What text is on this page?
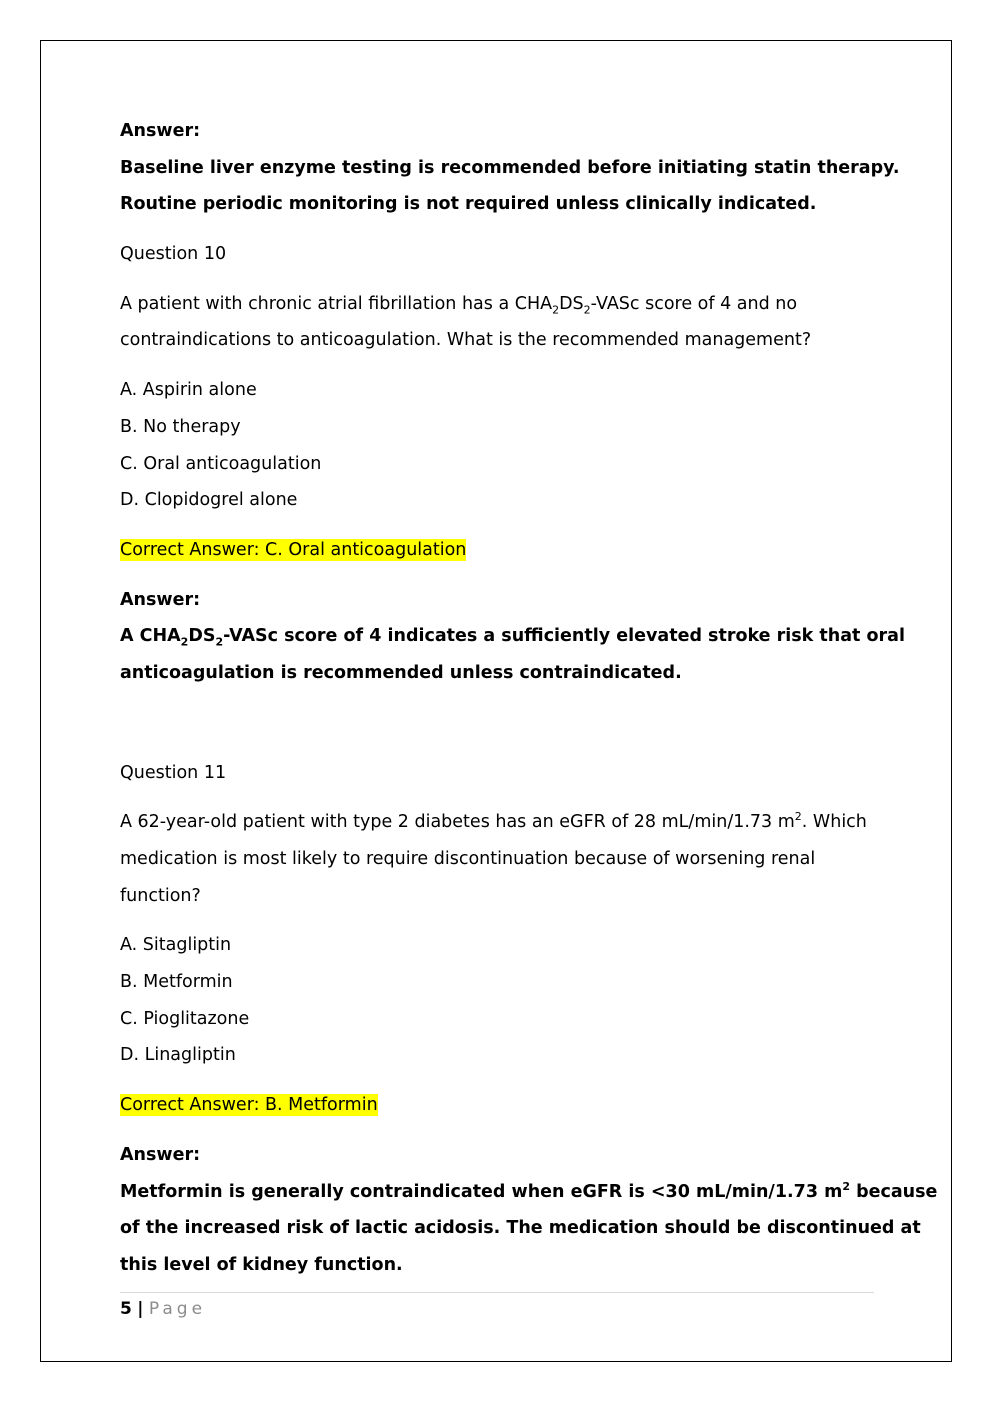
Answer:
Baseline liver enzyme testing is recommended before initiating statin therapy.
Routine periodic monitoring is not required unless clinically indicated.
Question 10
A patient with chronic atrial fibrillation has a $CHA_2DS_2$-VASc score of 4 and no
contraindications to anticoagulation. What is the recommended management?
A. Aspirin alone
B. No therapy
C. Oral anticoagulation
D. Clopidogrel alone
Correct Answer: C. Oral anticoagulation
Answer:
A $CHA_2DS_2$-VASc score of 4 indicates a sufficiently elevated stroke risk that oral
anticoagulation is recommended unless contraindicated.
Question 11
A 62-year-old patient with type 2 diabetes has an eGFR of 28 mL/min/1.73 $m^2$. Which
medication is most likely to require discontinuation because of worsening renal
function?
A. Sitagliptin
B. Metformin
C. Pioglitazone
D. Linagliptin
Correct Answer: B. Metformin
Answer:
Metformin is generally contraindicated when eGFR is <30 mL/min/1.73 $m^2$ because
of the increased risk of lactic acidosis. The medication should be discontinued at
this level of kidney function.
5 | Page
